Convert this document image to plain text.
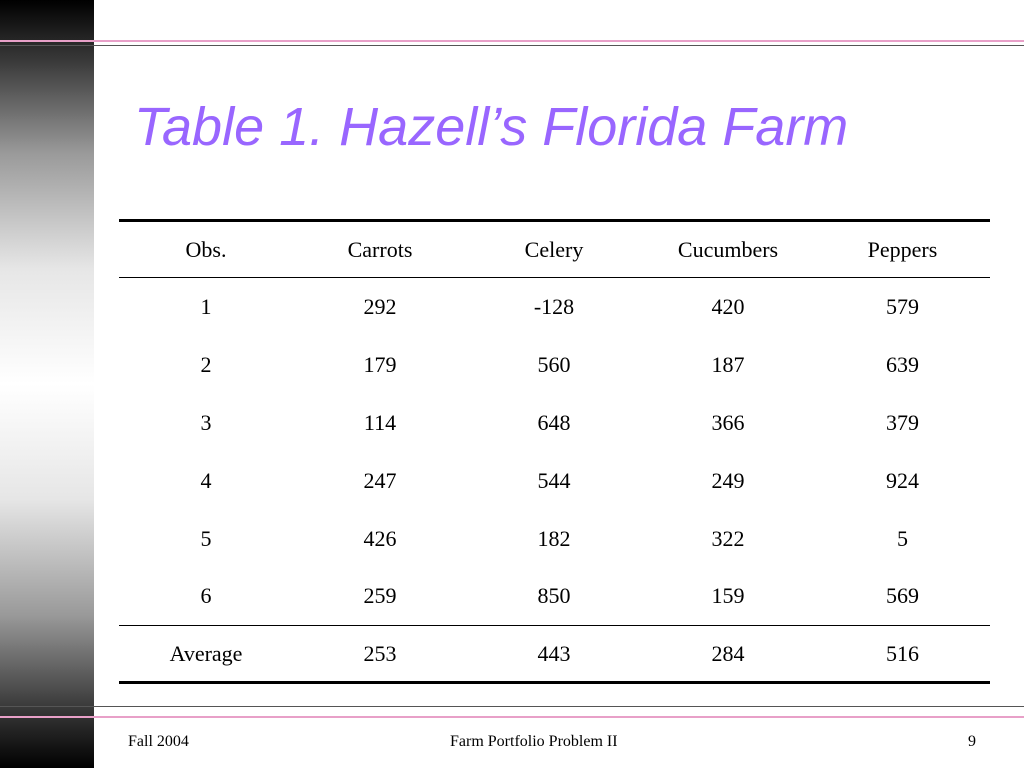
Table 1. Hazell’s Florida Farm
Obs.	Carrots	Celery	Cucumbers	Peppers
1	292	-128	420	579
2	179	560	187	639
3	114	648	366	379
4	247	544	249	924
5	426	182	322	5
6	259	850	159	569
Average	253	443	284	516
Fall 2004	Farm Portfolio Problem II	9
